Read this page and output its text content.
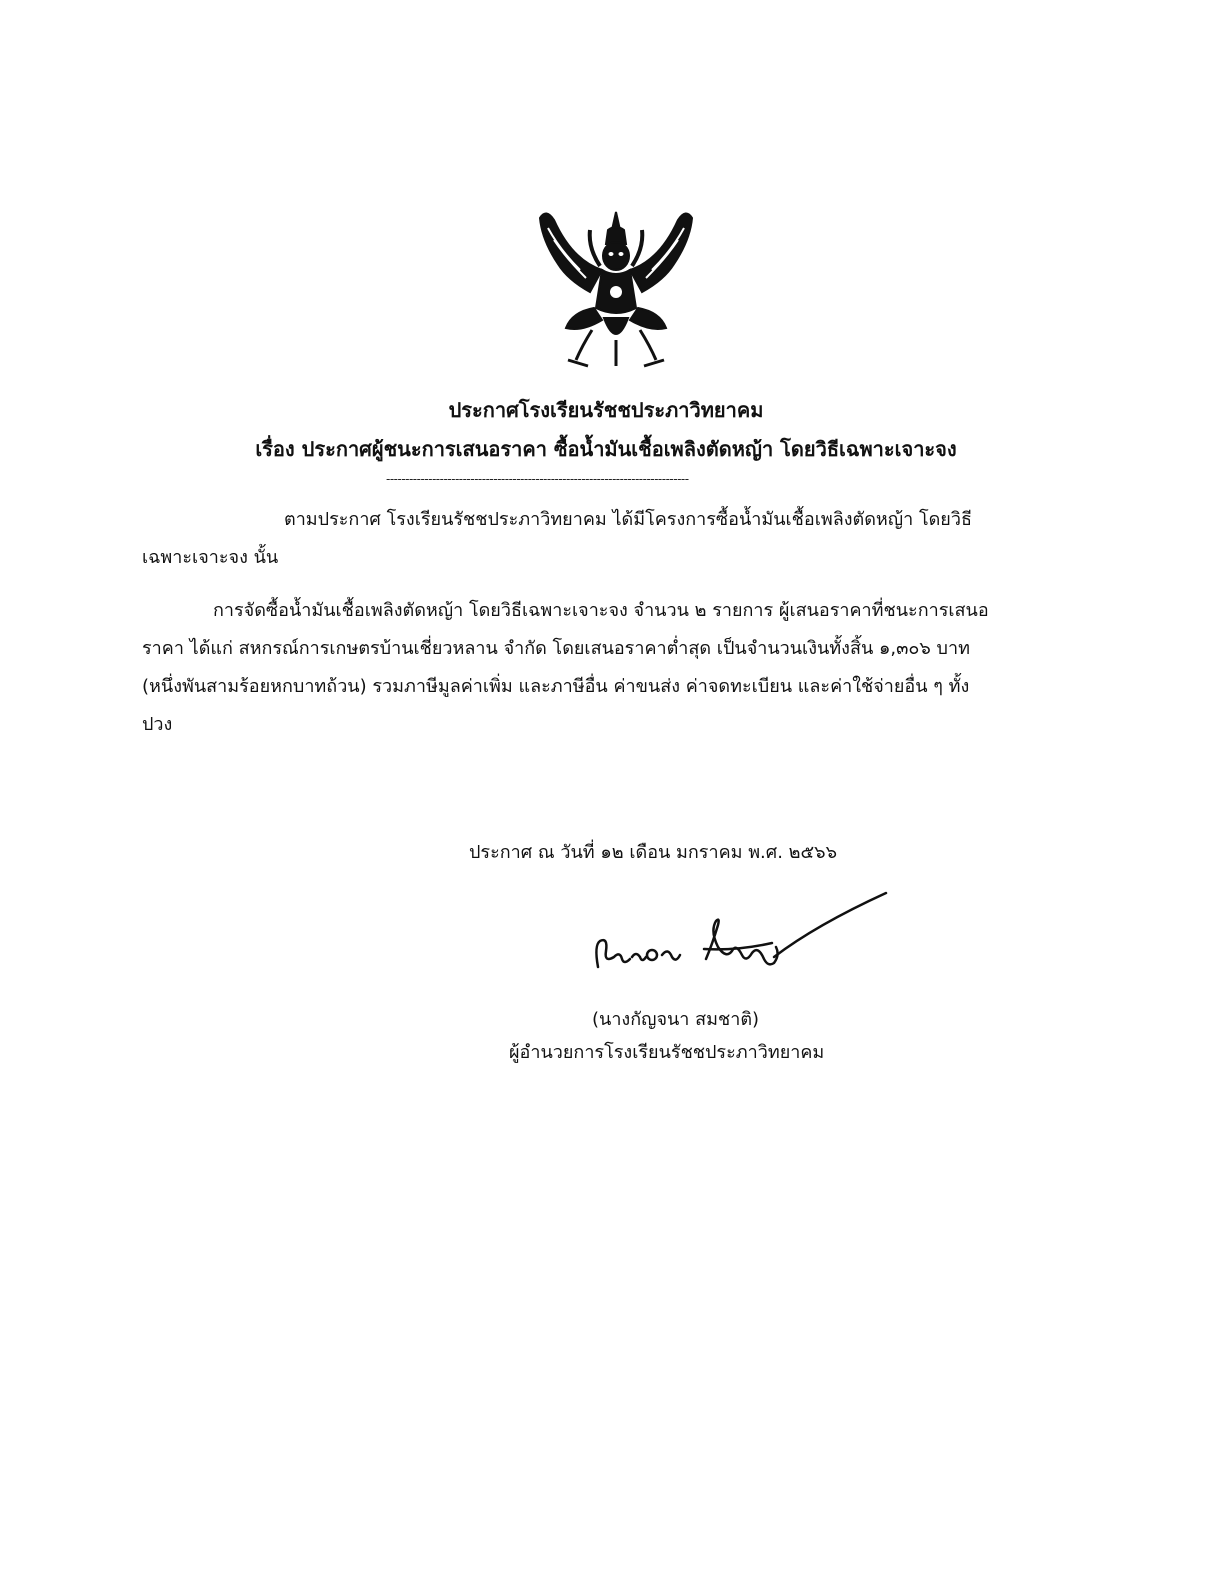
ประกาศโรงเรียนรัชชประภาวิทยาคม
เรื่อง ประกาศผู้ชนะการเสนอราคา ซื้อน้ำมันเชื้อเพลิงตัดหญ้า โดยวิธีเฉพาะเจาะจง
-------------------------------------------------------------------------------
ตามประกาศ โรงเรียนรัชชประภาวิทยาคม ได้มีโครงการซื้อน้ำมันเชื้อเพลิงตัดหญ้า โดยวิธี
เฉพาะเจาะจง นั้น
การจัดซื้อน้ำมันเชื้อเพลิงตัดหญ้า โดยวิธีเฉพาะเจาะจง จำนวน ๒ รายการ ผู้เสนอราคาที่ชนะการเสนอ
ราคา ได้แก่ สหกรณ์การเกษตรบ้านเชี่ยวหลาน จำกัด โดยเสนอราคาต่ำสุด เป็นจำนวนเงินทั้งสิ้น ๑,๓๐๖ บาท
(หนึ่งพันสามร้อยหกบาทถ้วน) รวมภาษีมูลค่าเพิ่ม และภาษีอื่น ค่าขนส่ง ค่าจดทะเบียน และค่าใช้จ่ายอื่น ๆ ทั้ง
ปวง
ประกาศ ณ วันที่ ๑๒ เดือน มกราคม พ.ศ. ๒๕๖๖
(นางกัญจนา สมชาติ)
ผู้อำนวยการโรงเรียนรัชชประภาวิทยาคม
